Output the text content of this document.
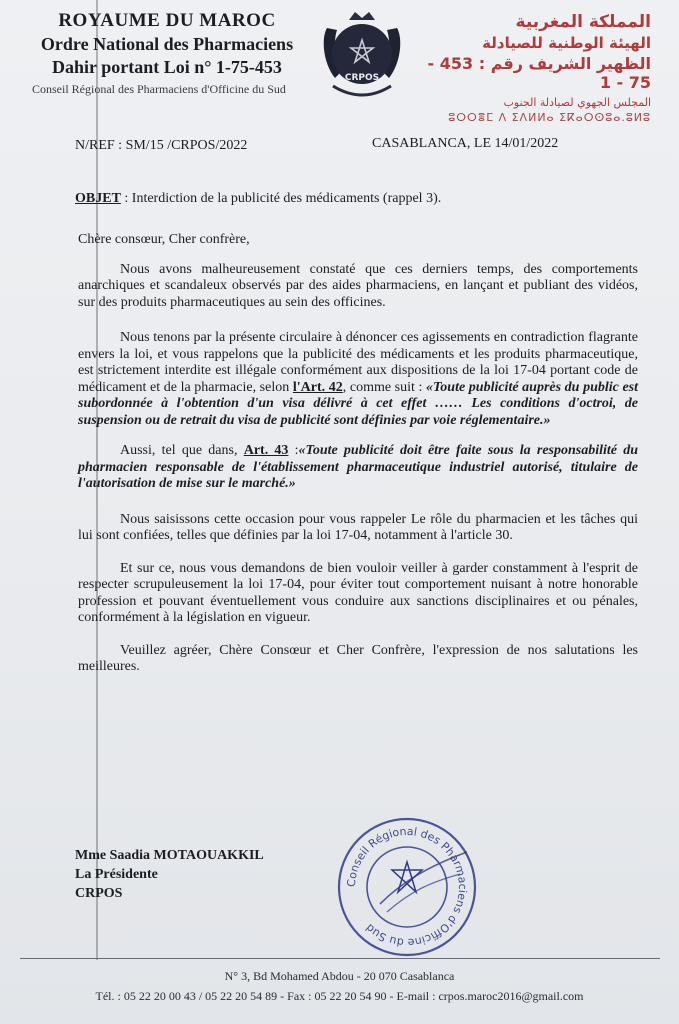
ROYAUME DU MAROC
Ordre National des Pharmaciens
Dahir portant Loi n° 1-75-453
Conseil Régional des Pharmaciens d'Officine du Sud
CRPOS
المملكة المغربية
الهيئة الوطنية للصيادلة
الظهير الشريف رقم : 453 - 75 - 1
المجلس الجهوي لصيادلة الجنوب
ⵓⵔⵔⴻⵎ ⴷ ⵉⴷⵍⵍⴰ ⵉⴽⴰⵔⵙⵓⴰ.ⵓⵍⵓ
N/REF : SM/15 /CRPOS/2022	CASABLANCA, LE 14/01/2022
OBJET : Interdiction de la publicité des médicaments (rappel 3).

Chère consœur, Cher confrère,

Nous avons malheureusement constaté que ces derniers temps, des comportements anarchiques et scandaleux observés par des aides pharmaciens, en lançant et publiant des vidéos, sur des produits pharmaceutiques au sein des officines.

Nous tenons par la présente circulaire à dénoncer ces agissements en contradiction flagrante envers la loi, et vous rappelons que la publicité des médicaments et les produits pharmaceutique, est strictement interdite est illégale conformément aux dispositions de la loi 17-04 portant code de médicament et de la pharmacie, selon l'Art. 42, comme suit : «Toute publicité auprès du public est subordonnée à l'obtention d'un visa délivré à cet effet …… Les conditions d'octroi, de suspension ou de retrait du visa de publicité sont définies par voie réglementaire.»

Aussi, tel que dans, Art. 43 :«Toute publicité doit être faite sous la responsabilité du pharmacien responsable de l'établissement pharmaceutique industriel autorisé, titulaire de l'autorisation de mise sur le marché.»

Nous saisissons cette occasion pour vous rappeler Le rôle du pharmacien et les tâches qui lui sont confiées, telles que définies par la loi 17-04, notamment à l'article 30.

Et sur ce, nous vous demandons de bien vouloir veiller à garder constamment à l'esprit de respecter scrupuleusement la loi 17-04, pour éviter tout comportement nuisant à notre honorable profession et pouvant éventuellement vous conduire aux sanctions disciplinaires et ou pénales, conformément à la législation en vigueur.

Veuillez agréer, Chère Consœur et Cher Confrère, l'expression de nos salutations les meilleures.

Mme Saadia MOTAOUAKKIL
La Présidente
CRPOS
Conseil Régional des Pharmaciens d'Officine du Sud
N° 3, Bd Mohamed Abdou - 20 070 Casablanca
Tél. : 05 22 20 00 43 / 05 22 20 54 89 - Fax : 05 22 20 54 90 - E-mail : crpos.maroc2016@gmail.com
